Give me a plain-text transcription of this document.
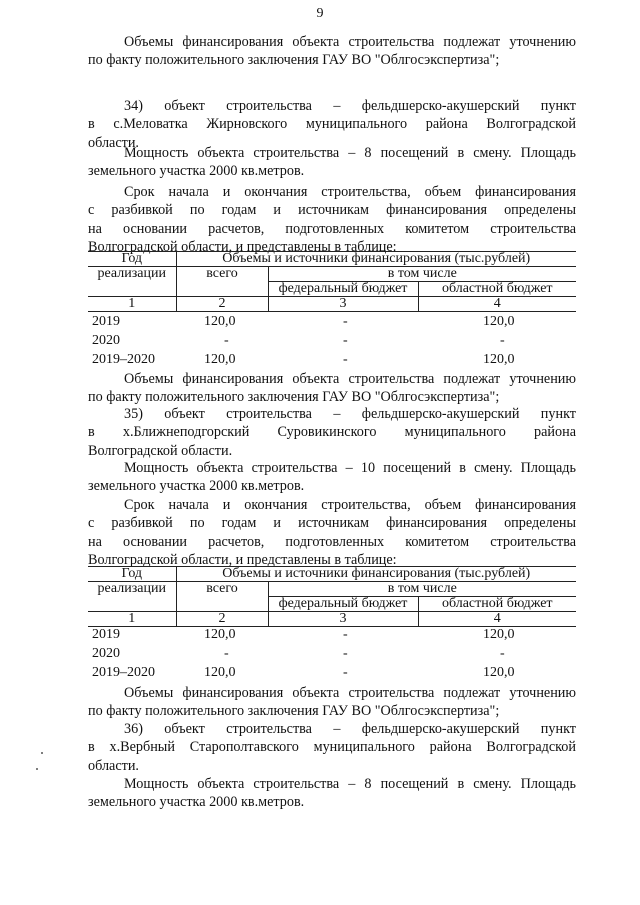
9
Объемы финансирования объекта строительства подлежат уточнению
по факту положительного заключения ГАУ ВО "Облгосэкспертиза";
34) объект строительства – фельдшерско-акушерский пункт
в с.Меловатка Жирновского муниципального района Волгоградской
области.
Мощность объекта строительства – 8 посещений в смену. Площадь
земельного участка 2000 кв.метров.
Срок начала и окончания строительства, объем финансирования
с разбивкой по годам и источникам финансирования определены
на основании расчетов, подготовленных комитетом строительства
Волгоградской области, и представлены в таблице:
Год	Объемы и источники финансирования (тыс.рублей)		
реализации	всего	в том числе	
		федеральный бюджет	областной бюджет
1	2	3	4
2019	120,0	-	120,0
2020	-	-	-
2019–2020	120,0	-	120,0
Объемы финансирования объекта строительства подлежат уточнению
по факту положительного заключения ГАУ ВО "Облгосэкспертиза";
35) объект строительства – фельдшерско-акушерский пункт
в х.Ближнеподгорский Суровикинского муниципального района
Волгоградской области.
Мощность объекта строительства – 10 посещений в смену. Площадь
земельного участка 2000 кв.метров.
Срок начала и окончания строительства, объем финансирования
с разбивкой по годам и источникам финансирования определены
на основании расчетов, подготовленных комитетом строительства
Волгоградской области, и представлены в таблице:
Год	Объемы и источники финансирования (тыс.рублей)		
реализации	всего	в том числе	
		федеральный бюджет	областной бюджет
1	2	3	4
2019	120,0	-	120,0
2020	-	-	-
2019–2020	120,0	-	120,0
Объемы финансирования объекта строительства подлежат уточнению
по факту положительного заключения ГАУ ВО "Облгосэкспертиза";
36) объект строительства – фельдшерско-акушерский пункт
в х.Вербный Старополтавского муниципального района Волгоградской
области.
Мощность объекта строительства – 8 посещений в смену. Площадь
земельного участка 2000 кв.метров.
